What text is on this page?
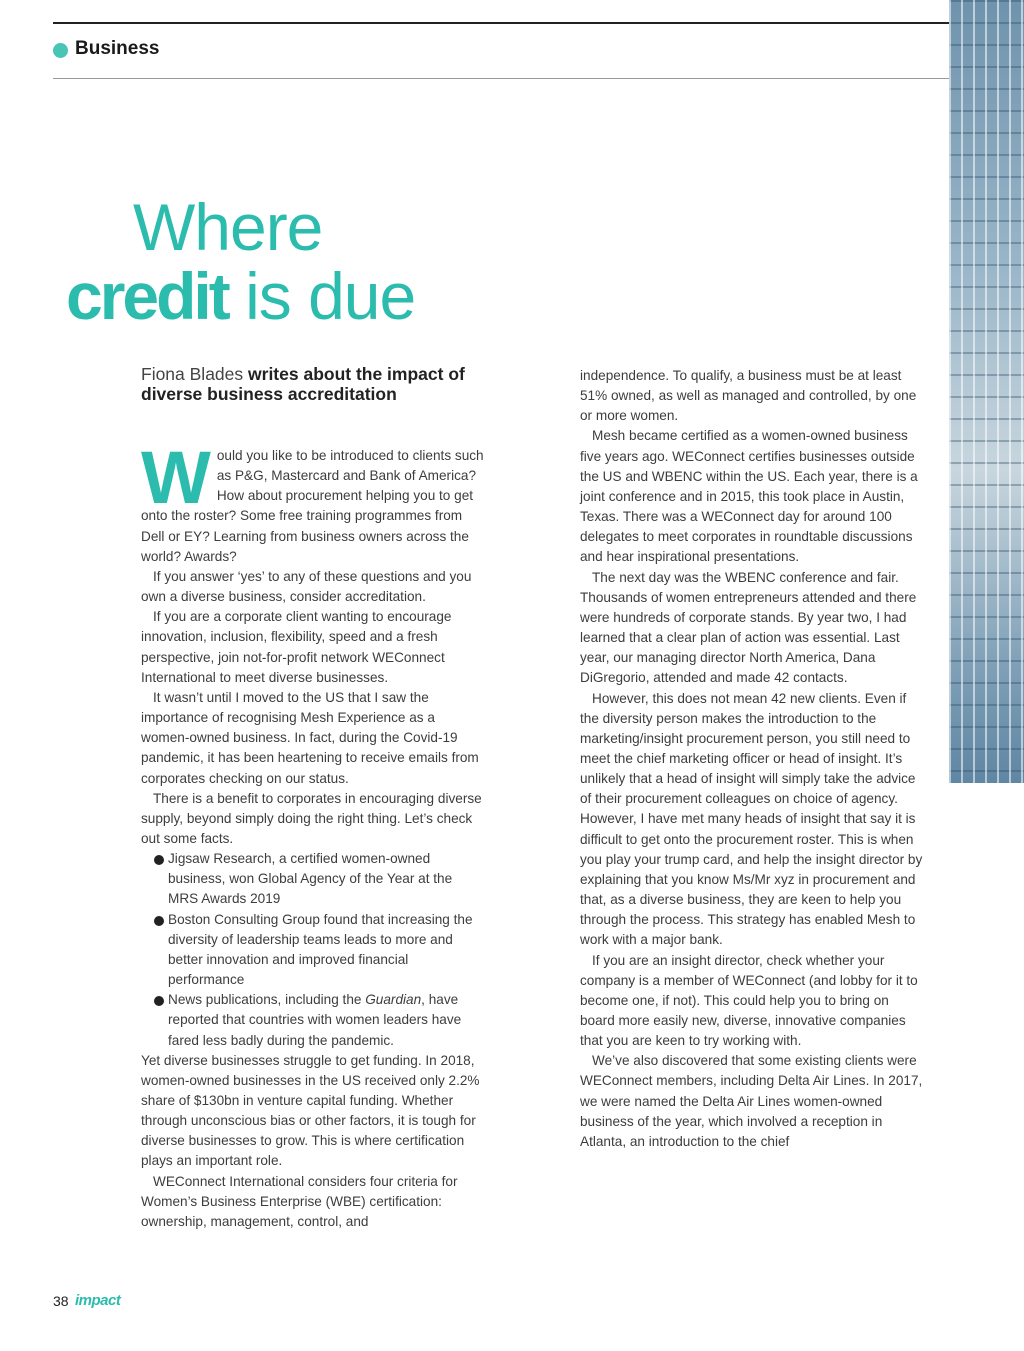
Business
Where
credit is due
Fiona Blades writes about the impact of diverse business accreditation

Would you like to be introduced to clients such as P&G, Mastercard and Bank of America? How about procurement helping you to get onto the roster? Some free training programmes from Dell or EY? Learning from business owners across the world? Awards?

If you answer ‘yes’ to any of these questions and you own a diverse business, consider accreditation.

If you are a corporate client wanting to encourage innovation, inclusion, flexibility, speed and a fresh perspective, join not-for-profit network WEConnect International to meet diverse businesses.

It wasn’t until I moved to the US that I saw the importance of recognising Mesh Experience as a women-owned business. In fact, during the Covid-19 pandemic, it has been heartening to receive emails from corporates checking on our status.

There is a benefit to corporates in encouraging diverse supply, beyond simply doing the right thing. Let’s check out some facts.

Jigsaw Research, a certified women-owned business, won Global Agency of the Year at the MRS Awards 2019
Boston Consulting Group found that increasing the diversity of leadership teams leads to more and better innovation and improved financial performance
News publications, including the Guardian, have reported that countries with women leaders have fared less badly during the pandemic.

Yet diverse businesses struggle to get funding. In 2018, women-owned businesses in the US received only 2.2% share of $130bn in venture capital funding. Whether through unconscious bias or other factors, it is tough for diverse businesses to grow. This is where certification plays an important role.

WEConnect International considers four criteria for Women’s Business Enterprise (WBE) certification: ownership, management, control, and

independence. To qualify, a business must be at least 51% owned, as well as managed and controlled, by one or more women.

Mesh became certified as a women-owned business five years ago. WEConnect certifies businesses outside the US and WBENC within the US. Each year, there is a joint conference and in 2015, this took place in Austin, Texas. There was a WEConnect day for around 100 delegates to meet corporates in roundtable discussions and hear inspirational presentations.

The next day was the WBENC conference and fair. Thousands of women entrepreneurs attended and there were hundreds of corporate stands. By year two, I had learned that a clear plan of action was essential. Last year, our managing director North America, Dana DiGregorio, attended and made 42 contacts.

However, this does not mean 42 new clients. Even if the diversity person makes the introduction to the marketing/insight procurement person, you still need to meet the chief marketing officer or head of insight. It’s unlikely that a head of insight will simply take the advice of their procurement colleagues on choice of agency. However, I have met many heads of insight that say it is difficult to get onto the procurement roster. This is when you play your trump card, and help the insight director by explaining that you know Ms/Mr xyz in procurement and that, as a diverse business, they are keen to help you through the process. This strategy has enabled Mesh to work with a major bank.

If you are an insight director, check whether your company is a member of WEConnect (and lobby for it to become one, if not). This could help you to bring on board more easily new, diverse, innovative companies that you are keen to try working with.

We’ve also discovered that some existing clients were WEConnect members, including Delta Air Lines. In 2017, we were named the Delta Air Lines women-owned business of the year, which involved a reception in Atlanta, an introduction to the chief

38 impact
